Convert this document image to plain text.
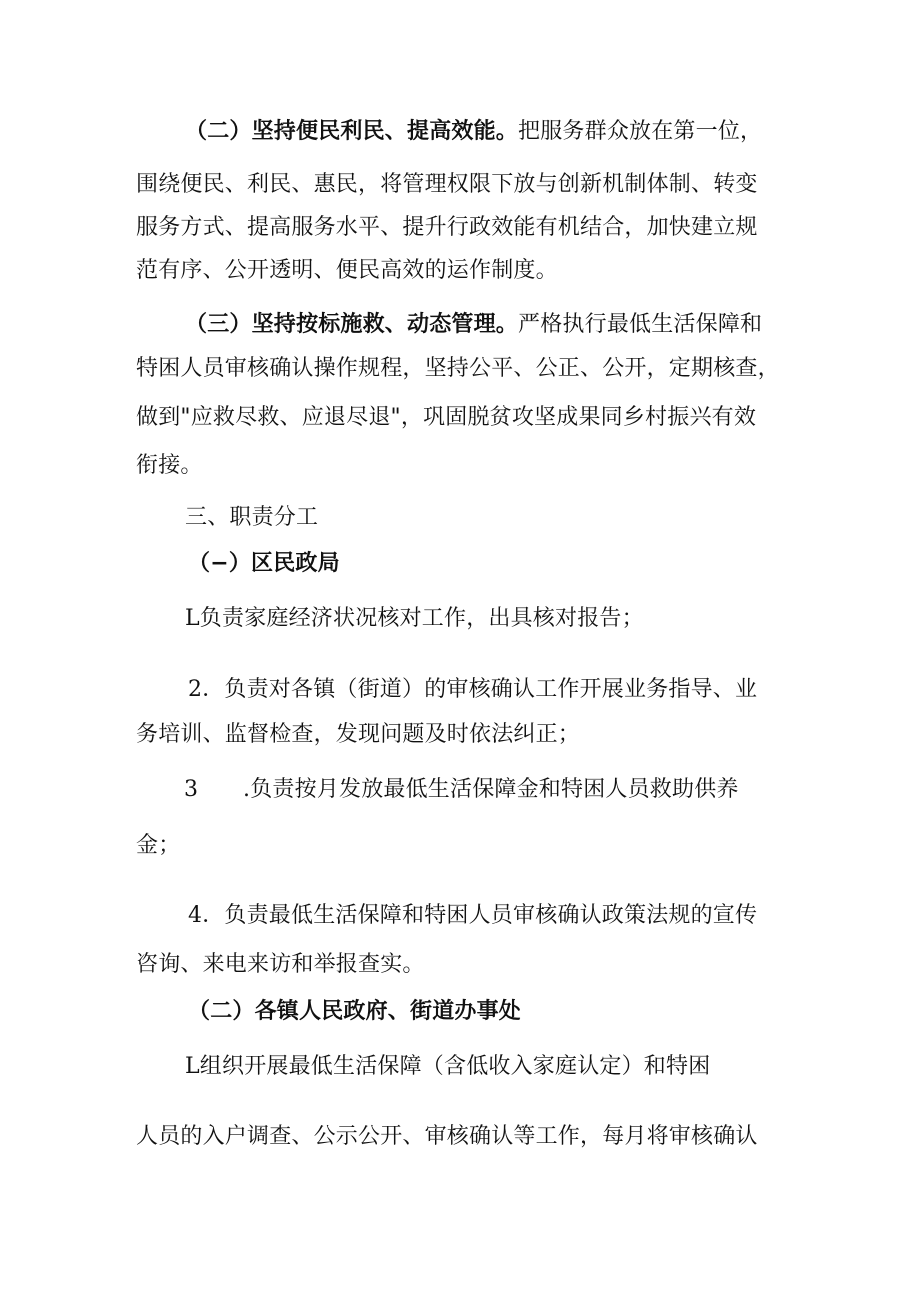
（二）坚持便民利民、提高效能。把服务群众放在第一位，
围绕便民、利民、惠民，将管理权限下放与创新机制体制、转变
服务方式、提高服务水平、提升行政效能有机结合，加快建立规
范有序、公开透明、便民高效的运作制度。
（三）坚持按标施救、动态管理。严格执行最低生活保障和
特困人员审核确认操作规程，坚持公平、公正、公开，定期核查，
做到"应救尽救、应退尽退"，巩固脱贫攻坚成果同乡村振兴有效
衔接。
三、职责分工
（−）区民政局
L负责家庭经济状况核对工作，出具核对报告；
2．负责对各镇（街道）的审核确认工作开展业务指导、业
务培训、监督检查，发现问题及时依法纠正；
3 .负责按月发放最低生活保障金和特困人员救助供养
金；
4．负责最低生活保障和特困人员审核确认政策法规的宣传
咨询、来电来访和举报查实。
（二）各镇人民政府、街道办事处
L组织开展最低生活保障（含低收入家庭认定）和特困
人员的入户调查、公示公开、审核确认等工作，每月将审核确认
